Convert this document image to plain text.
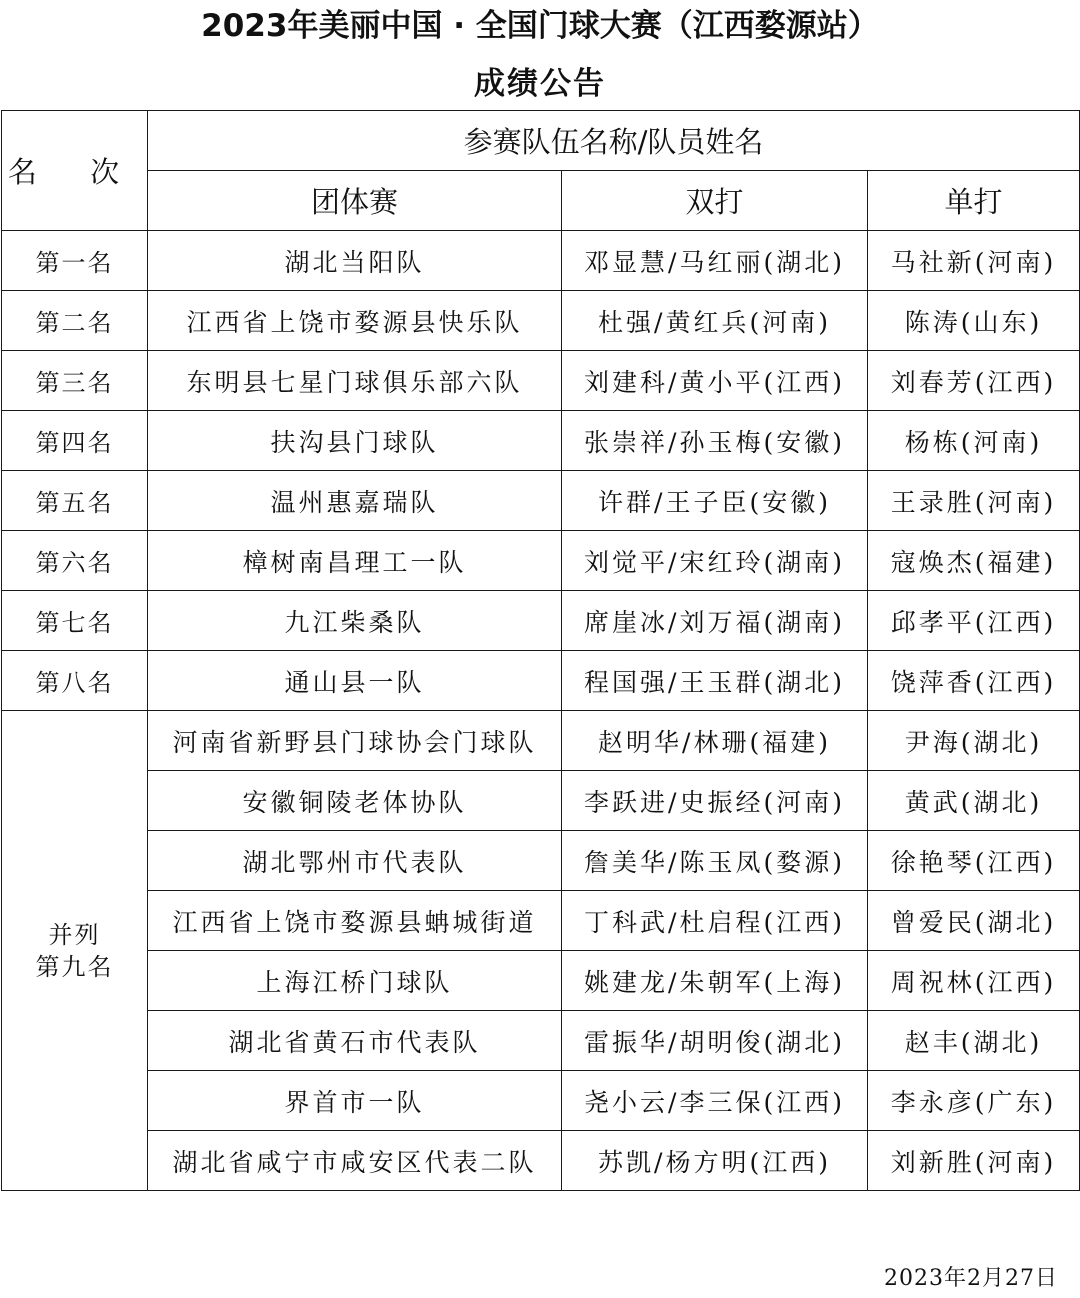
2023年美丽中国 · 全国门球大赛（江西婺源站）
成绩公告
名 次	参赛队伍名称/队员姓名		
	团体赛	双打	单打
第一名	湖北当阳队	邓显慧/马红丽(湖北)	马社新(河南)
第二名	江西省上饶市婺源县快乐队	杜强/黄红兵(河南)	陈涛(山东)
第三名	东明县七星门球俱乐部六队	刘建科/黄小平(江西)	刘春芳(江西)
第四名	扶沟县门球队	张崇祥/孙玉梅(安徽)	杨栋(河南)
第五名	温州惠嘉瑞队	许群/王子臣(安徽)	王录胜(河南)
第六名	樟树南昌理工一队	刘觉平/宋红玲(湖南)	寇焕杰(福建)
第七名	九江柴桑队	席崖冰/刘万福(湖南)	邱孝平(江西)
第八名	通山县一队	程国强/王玉群(湖北)	饶萍香(江西)

并列
第九名	河南省新野县门球协会门球队	赵明华/林珊(福建)	尹海(湖北)
	安徽铜陵老体协队	李跃进/史振经(河南)	黄武(湖北)
	湖北鄂州市代表队	詹美华/陈玉凤(婺源)	徐艳琴(江西)
	江西省上饶市婺源县蚺城街道	丁科武/杜启程(江西)	曾爱民(湖北)
	上海江桥门球队	姚建龙/朱朝军(上海)	周祝林(江西)
	湖北省黄石市代表队	雷振华/胡明俊(湖北)	赵丰(湖北)
	界首市一队	尧小云/李三保(江西)	李永彦(广东)
	湖北省咸宁市咸安区代表二队	苏凯/杨方明(江西)	刘新胜(河南)
2023年2月27日
